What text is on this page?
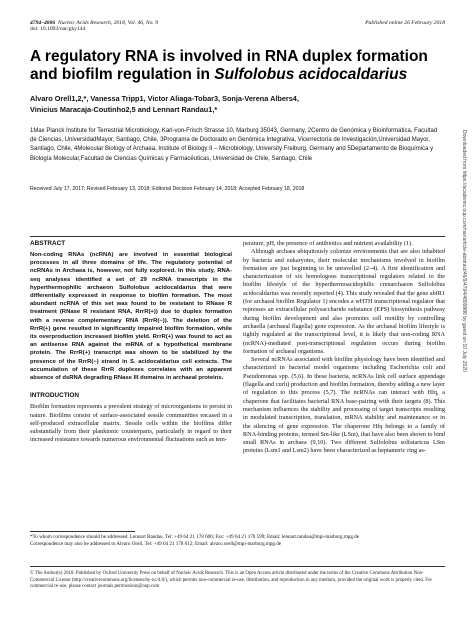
4794–4806 Nucleic Acids Research, 2018, Vol. 46, No. 9
doi: 10.1093/nar/gky144
Published online 26 February 2018
A regulatory RNA is involved in RNA duplex formation and biofilm regulation in Sulfolobus acidocaldarius
Alvaro Orell1,2,*, Vanessa Tripp1, Victor Aliaga-Tobar3, Sonja-Verena Albers4,
Vinicius Maracaja-Coutinho2,5 and Lennart Randau1,*
1Max Planck Institute for Terrestrial Microbiology, Karl-von-Frisch Strasse 10, Marburg 35043, Germany, 2Centro de Genómica y Bioinformática, Facultad de Ciencias, UniversidadMayor, Santiago, Chile, 3Programa de Doctorado en Genómica Integrativa, Vicerrectoría de Investigación,Universidad Mayor, Santiago, Chile, 4Molecular Biology of Archaea, Institute of Biology II – Microbiology, University Freiburg, Germany and 5Departamento de Bioquímica y Biología Molecular,Facultad de Ciencias Químicas y Farmacéuticas, Universidad de Chile, Santiago, Chile
Received July 17, 2017; Revised February 13, 2018; Editorial Decision February 14, 2018; Accepted February 18, 2018
ABSTRACT
Non-coding RNAs (ncRNA) are involved in essential biological processes in all three domains of life. The regulatory potential of ncRNAs in Archaea is, however, not fully explored. In this study, RNA-seq analyses identified a set of 29 ncRNA transcripts in the hyperthermophilic archaeon Sulfolobus acidocaldarius that were differentially expressed in response to biofilm formation. The most abundant ncRNA of this set was found to be resistant to RNase R treatment (RNase R resistant RNA, RrrR(+)) due to duplex formation with a reverse complementary RNA (RrrR(−)). The deletion of the RrrR(+) gene resulted in significantly impaired biofilm formation, while its overproduction increased biofilm yield. RrrR(+) was found to act as an antisense RNA against the mRNA of a hypothetical membrane protein. The RrrR(+) transcript was shown to be stabilized by the presence of the RrrR(−) strand in S. acidocaldarius cell extracts. The accumulation of these RrrR duplexes correlates with an apparent absence of dsRNA degrading RNase III domains in archaeal proteins.
INTRODUCTION

Biofilm formation represents a prevalent strategy of microorganisms to persist in nature. Biofilms consist of surface-associated sessile communities encased in a self-produced extracellular matrix. Sessile cells within the biofilms differ substantially from their planktonic counterparts, particularly in regard to their increased resistance towards numerous environmental fluctuations such as tem-

perature, pH, the presence of antibiotics and nutrient availability (1).

Although archaea ubiquitously colonize environments that are also inhabited by bacteria and eukaryotes, their molecular mechanisms involved in biofilm formation are just beginning to be unravelled (2–4). A first identification and characterization of six homologous transcriptional regulators related to the biofilm lifestyle of the hyperthermoacidophilic crenarchaeon Sulfolobus acidocaldarius was recently reported (4). This study revealed that the gene abfR1 (for archaeal biofilm Regulator 1) encodes a wHTH transcriptional regulator that represses an extracellular polysaccharide substance (EPS) biosynthesis pathway during biofilm development and also promotes cell motility by controlling archaella (archaeal flagella) gene expression. As the archaeal biofilm lifestyle is tightly regulated at the transcriptional level, it is likely that non-coding RNA (ncRNA)-mediated post-transcriptional regulation occurs during biofilm formation of archaeal organisms.

Several ncRNAs associated with biofilm physiology have been identified and characterized in bacterial model organisms including Escherichia coli and Pseudomonas spp. (5,6). In these bacteria, ncRNAs link cell surface appendage (flagella and curli) production and biofilm formation, thereby adding a new layer of regulation to this process (5,7). The ncRNAs can interact with Hfq, a chaperone that facilitates bacterial RNA base-pairing with their targets (8). This mechanism influences the stability and processing of target transcripts resulting in modulated transcription, translation, mRNA stability and maintenance or in the silencing of gene expression. The chaperone Hfq belongs to a family of RNA-binding proteins, termed Sm-like (LSm), that have also been shown to bind small RNAs in archaea (9,10). Two different Sulfolobus solfataricus LSm proteins (Lsm1 and Lsm2) have been characterized as heptameric ring as-

*To whom correspondence should be addressed. Lennart Randau. Tel: +49 64 21 178 600; Fax: +49 64 21 178 599; Email: lennart.randau@mpi-marburg.mpg.de
Correspondence may also be addressed to Alvaro Orell. Tel: +49 64 21 178 612; Email: alvaro.orell@mpi-marburg.mpg.de
© The Author(s) 2018. Published by Oxford University Press on behalf of Nucleic Acids Research. This is an Open Access article distributed under the terms of the Creative Commons Attribution Non-Commercial License (http://creativecommons.org/licenses/by-nc/4.0/), which permits non-commercial re-use, distribution, and reproduction in any medium, provided the original work is properly cited. For commercial re-use, please contact journals.permissions@oup.com
Downloaded from https://academic.oup.com/nar/article-abstract/46/9/4794/4899986 by guest on 10 July 2020
